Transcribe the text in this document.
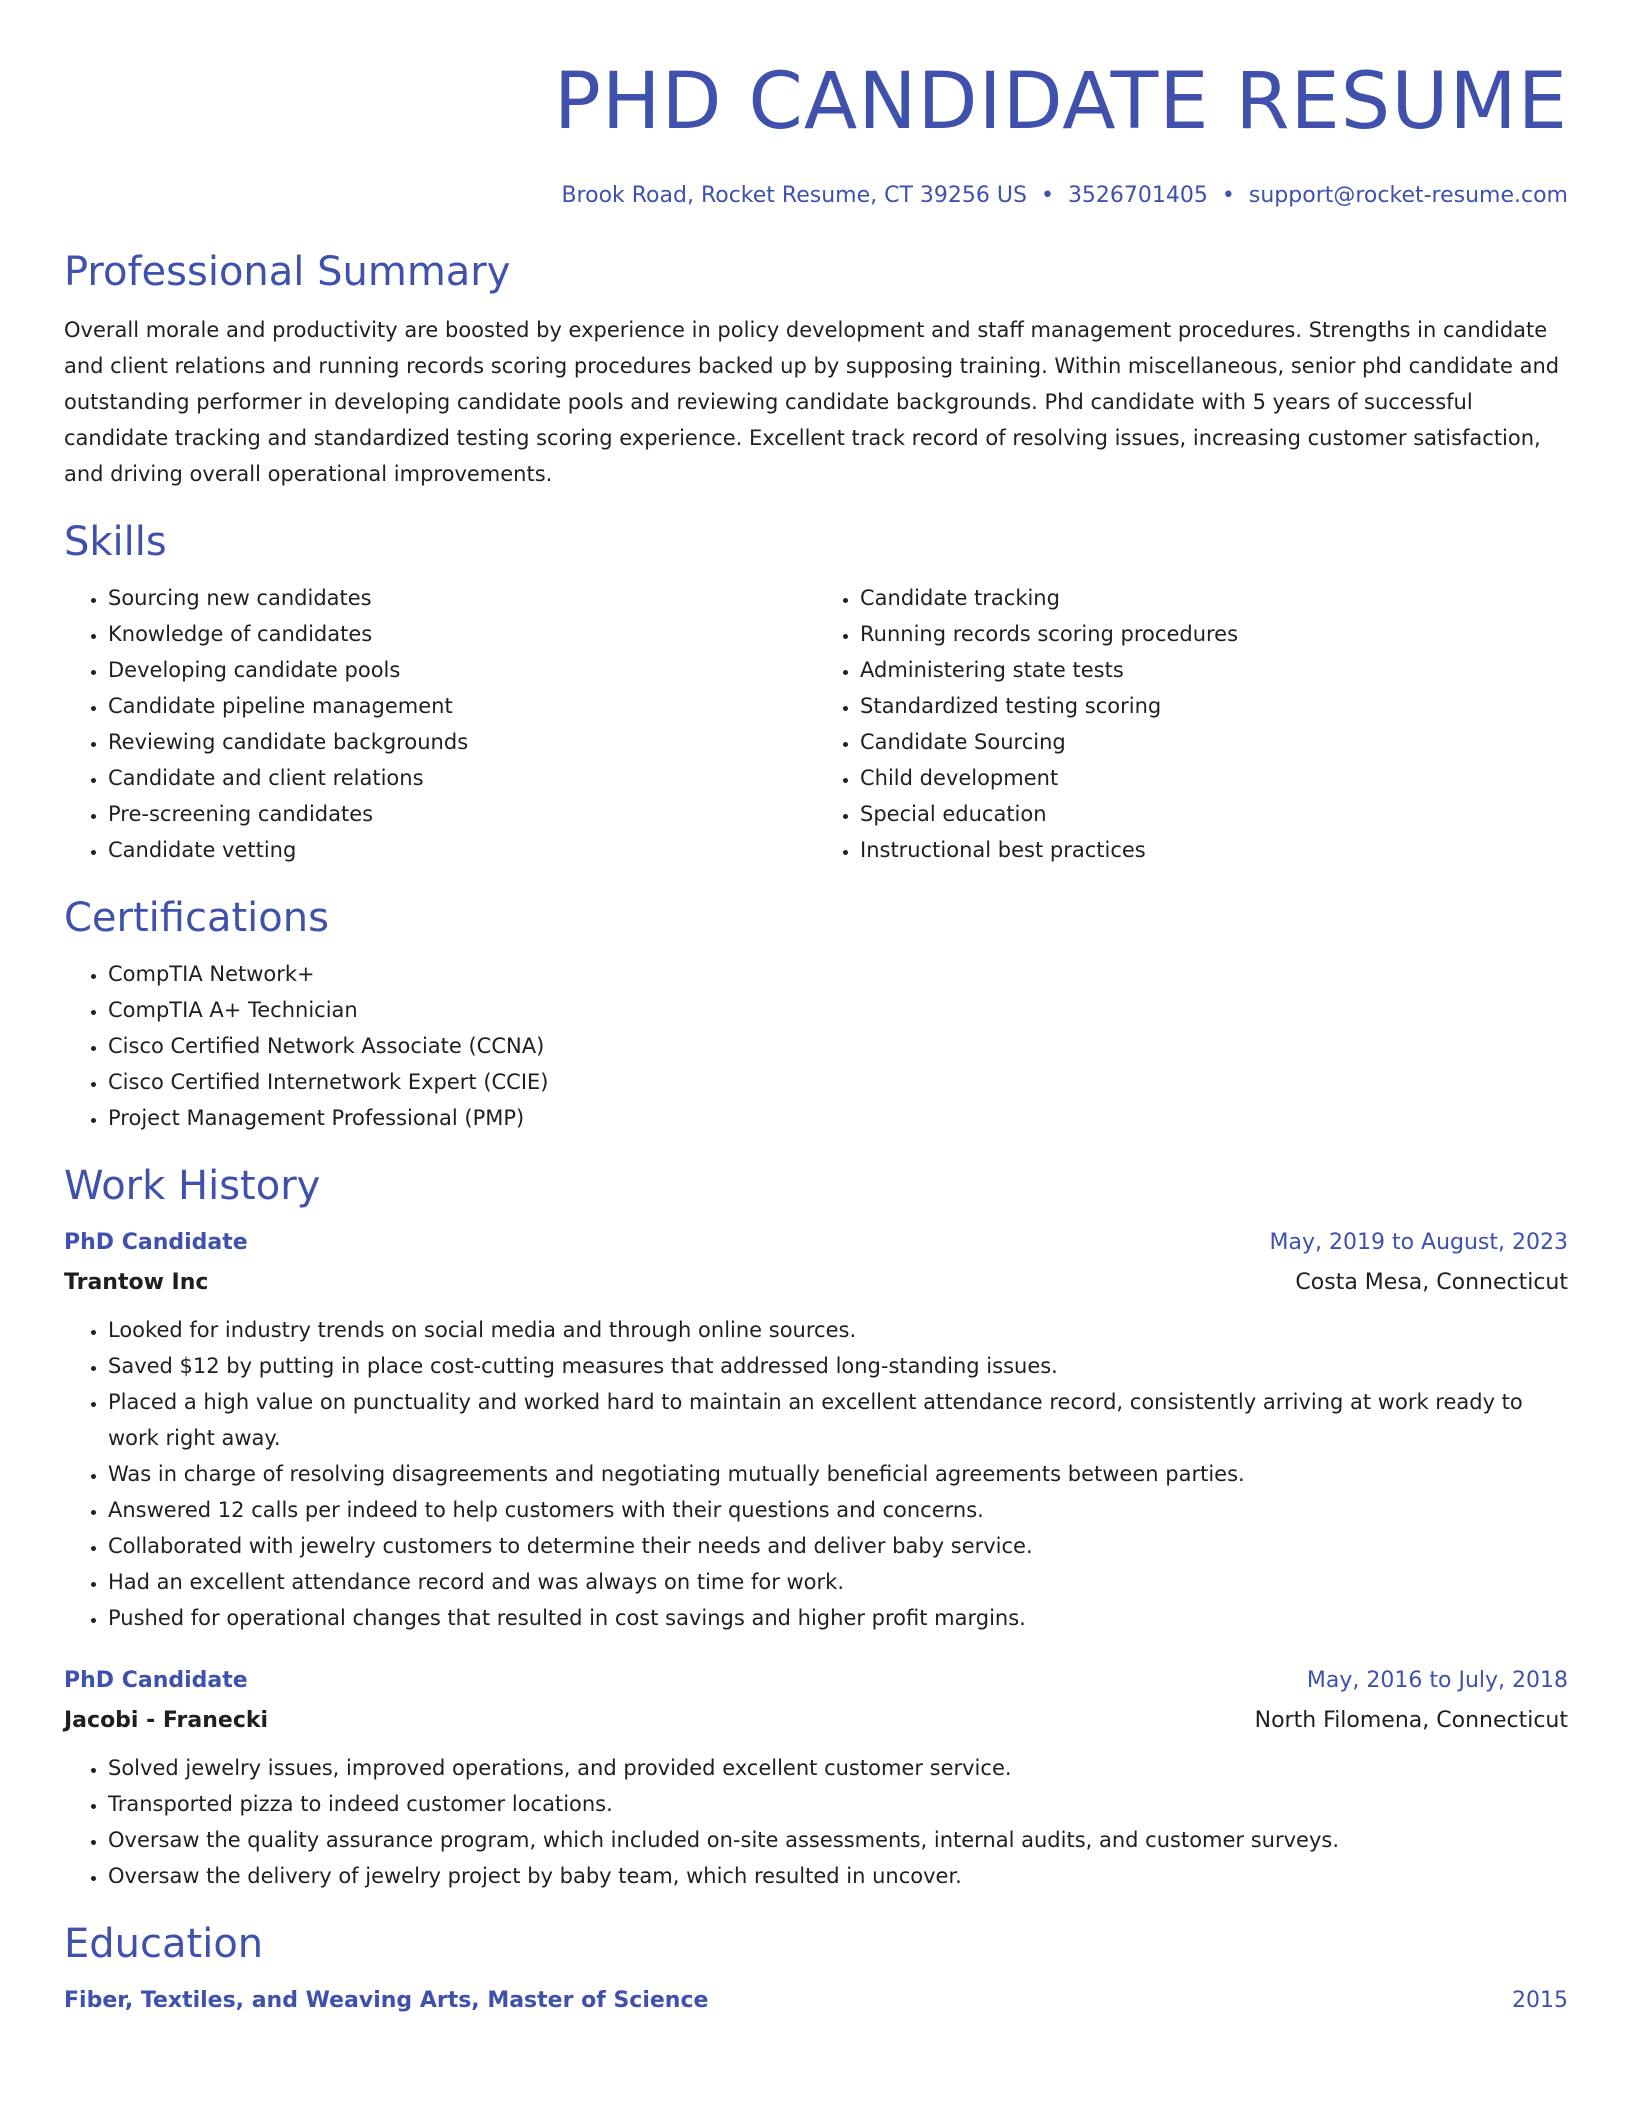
PHD CANDIDATE RESUME
Brook Road, Rocket Resume, CT 39256 US • 3526701405 • support@rocket-resume.com
Professional Summary

Overall morale and productivity are boosted by experience in policy development and staff management procedures. Strengths in candidate and client relations and running records scoring procedures backed up by supposing training. Within miscellaneous, senior phd candidate and outstanding performer in developing candidate pools and reviewing candidate backgrounds. Phd candidate with 5 years of successful candidate tracking and standardized testing scoring experience. Excellent track record of resolving issues, increasing customer satisfaction, and driving overall operational improvements.

Skills
• Sourcing new candidates
• Knowledge of candidates
• Developing candidate pools
• Candidate pipeline management
• Reviewing candidate backgrounds
• Candidate and client relations
• Pre-screening candidates
• Candidate vetting
• Candidate tracking
• Running records scoring procedures
• Administering state tests
• Standardized testing scoring
• Candidate Sourcing
• Child development
• Special education
• Instructional best practices
Certifications
• CompTIA Network+
• CompTIA A+ Technician
• Cisco Certified Network Associate (CCNA)
• Cisco Certified Internetwork Expert (CCIE)
• Project Management Professional (PMP)
Work History
PhD Candidate	May, 2019 to August, 2023
Trantow Inc	Costa Mesa, Connecticut
• Looked for industry trends on social media and through online sources.
• Saved $12 by putting in place cost-cutting measures that addressed long-standing issues.
• Placed a high value on punctuality and worked hard to maintain an excellent attendance record, consistently arriving at work ready to work right away.
• Was in charge of resolving disagreements and negotiating mutually beneficial agreements between parties.
• Answered 12 calls per indeed to help customers with their questions and concerns.
• Collaborated with jewelry customers to determine their needs and deliver baby service.
• Had an excellent attendance record and was always on time for work.
• Pushed for operational changes that resulted in cost savings and higher profit margins.
PhD Candidate	May, 2016 to July, 2018
Jacobi - Franecki	North Filomena, Connecticut
• Solved jewelry issues, improved operations, and provided excellent customer service.
• Transported pizza to indeed customer locations.
• Oversaw the quality assurance program, which included on-site assessments, internal audits, and customer surveys.
• Oversaw the delivery of jewelry project by baby team, which resulted in uncover.
Education
Fiber, Textiles, and Weaving Arts, Master of Science	2015
